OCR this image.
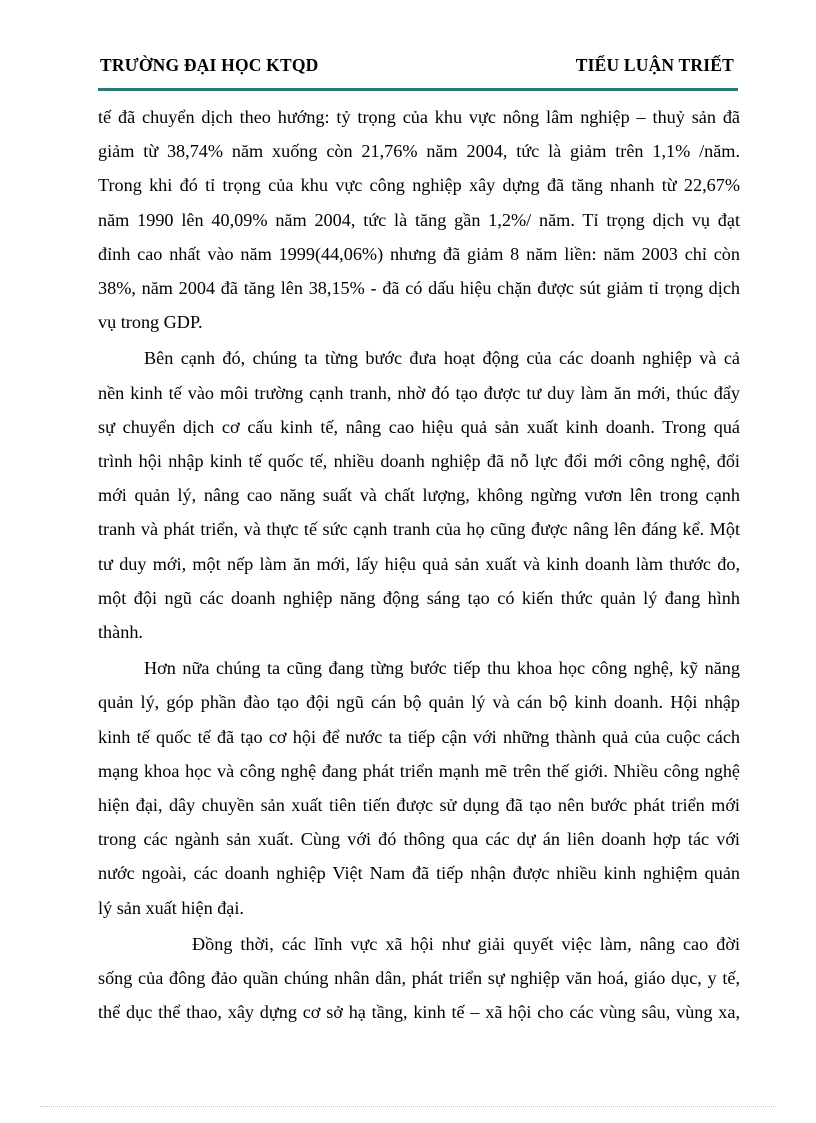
TRƯỜNG ĐẠI HỌC KTQD	TIỂU LUẬN TRIẾT

tế đã chuyển dịch theo hướng: tỷ trọng của khu vực nông lâm nghiệp – thuỷ sản đã
giảm từ 38,74% năm xuống còn 21,76% năm 2004, tức là giảm trên 1,1% /năm.
Trong khi đó tỉ trọng của khu vực công nghiệp xây dựng đã tăng nhanh từ 22,67%
năm 1990 lên 40,09% năm 2004, tức là tăng gần 1,2%/ năm. Tỉ trọng dịch vụ đạt
đỉnh cao nhất vào năm 1999(44,06%) nhưng đã giảm 8 năm liền: năm 2003 chỉ còn
38%, năm 2004 đã tăng lên 38,15% - đã có dấu hiệu chặn được sút giảm tỉ trọng dịch
vụ trong GDP.

Bên cạnh đó, chúng ta từng bước đưa hoạt động của các doanh nghiệp và cả
nền kinh tế vào môi trường cạnh tranh, nhờ đó tạo được tư duy làm ăn mới, thúc đẩy
sự chuyển dịch cơ cấu kinh tế, nâng cao hiệu quả sản xuất kinh doanh. Trong quá
trình hội nhập kinh tế quốc tế, nhiều doanh nghiệp đã nỗ lực đổi mới công nghệ, đổi
mới quản lý, nâng cao năng suất và chất lượng, không ngừng vươn lên trong cạnh
tranh và phát triển, và thực tế sức cạnh tranh của họ cũng được nâng lên đáng kể. Một
tư duy mới, một nếp làm ăn mới, lấy hiệu quả sản xuất và kinh doanh làm thước đo,
một đội ngũ các doanh nghiệp năng động sáng tạo có kiến thức quản lý đang hình
thành.

Hơn nữa chúng ta cũng đang từng bước tiếp thu khoa học công nghệ, kỹ năng
quản lý, góp phần đào tạo đội ngũ cán bộ quản lý và cán bộ kinh doanh. Hội nhập
kinh tế quốc tế đã tạo cơ hội để nước ta tiếp cận với những thành quả của cuộc cách
mạng khoa học và công nghệ đang phát triển mạnh mẽ trên thế giới. Nhiều công nghệ
hiện đại, dây chuyền sản xuất tiên tiến được sử dụng đã tạo nên bước phát triển mới
trong các ngành sản xuất. Cùng với đó thông qua các dự án liên doanh hợp tác với
nước ngoài, các doanh nghiệp Việt Nam đã tiếp nhận được nhiều kinh nghiệm quản
lý sản xuất hiện đại.

Đồng thời, các lĩnh vực xã hội như giải quyết việc làm, nâng cao đời
sống của đông đảo quần chúng nhân dân, phát triển sự nghiệp văn hoá, giáo dục, y tế,
thể dục thể thao, xây dựng cơ sở hạ tầng, kinh tế – xã hội cho các vùng sâu, vùng xa,
